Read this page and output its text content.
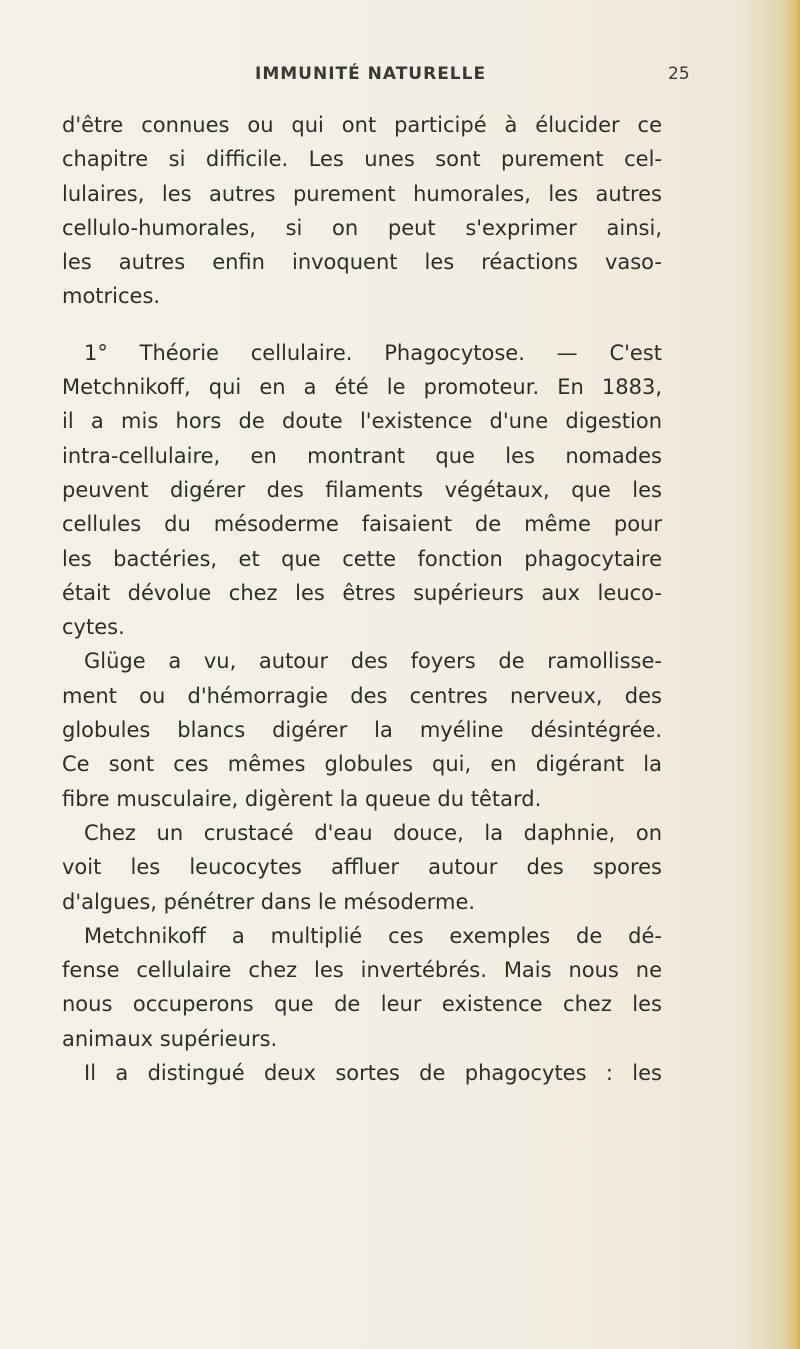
IMMUNITÉ NATURELLE	25
d'être connues ou qui ont participé à élucider ce
chapitre si difficile. Les unes sont purement cel-
lulaires, les autres purement humorales, les autres
cellulo-humorales, si on peut s'exprimer ainsi,
les autres enfin invoquent les réactions vaso-
motrices.
1° Théorie cellulaire. Phagocytose. — C'est
Metchnikoff, qui en a été le promoteur. En 1883,
il a mis hors de doute l'existence d'une digestion
intra-cellulaire, en montrant que les nomades
peuvent digérer des filaments végétaux, que les
cellules du mésoderme faisaient de même pour
les bactéries, et que cette fonction phagocytaire
était dévolue chez les êtres supérieurs aux leuco-
cytes.
Glüge a vu, autour des foyers de ramollisse-
ment ou d'hémorragie des centres nerveux, des
globules blancs digérer la myéline désintégrée.
Ce sont ces mêmes globules qui, en digérant la
fibre musculaire, digèrent la queue du têtard.
Chez un crustacé d'eau douce, la daphnie, on
voit les leucocytes affluer autour des spores
d'algues, pénétrer dans le mésoderme.
Metchnikoff a multiplié ces exemples de dé-
fense cellulaire chez les invertébrés. Mais nous ne
nous occuperons que de leur existence chez les
animaux supérieurs.
Il a distingué deux sortes de phagocytes : les
